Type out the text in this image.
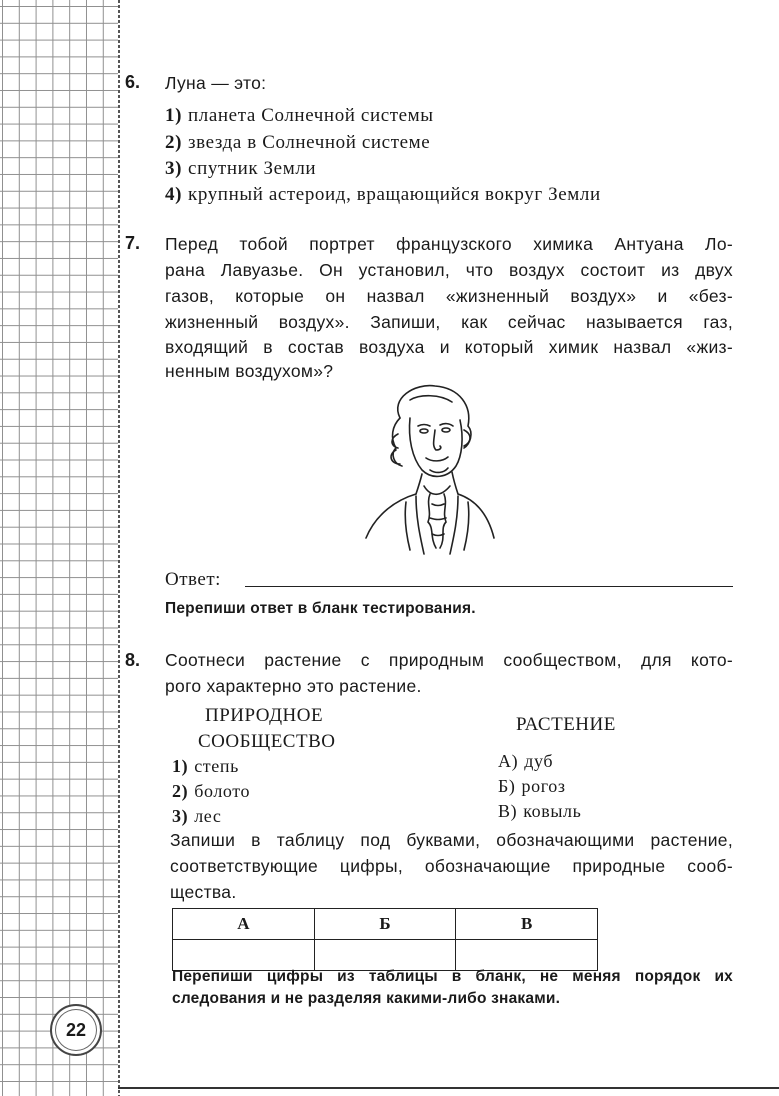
22
6. Луна — это:
1) планета Солнечной системы
2) звезда в Солнечной системе
3) спутник Земли
4) крупный астероид, вращающийся вокруг Земли
7. Перед тобой портрет французского химика Антуана Ло-
рана Лавуазье. Он установил, что воздух состоит из двух
газов, которые он назвал «жизненный воздух» и «без-
жизненный воздух». Запиши, как сейчас называется газ,
входящий в состав воздуха и который химик назвал «жиз-
ненным воздухом»?
Ответ:
Перепиши ответ в бланк тестирования.
8. Соотнеси растение с природным сообществом, для кото-
рого характерно это растение.
ПРИРОДНОЕ
СООБЩЕСТВО
РАСТЕНИЕ
1) степь
2) болото
3) лес
А) дуб
Б) рогоз
В) ковыль
Запиши в таблицу под буквами, обозначающими растение,
соответствующие цифры, обозначающие природные сооб-
щества.
А	Б	В

Перепиши цифры из таблицы в бланк, не меняя порядок их
следования и не разделяя какими-либо знаками.
